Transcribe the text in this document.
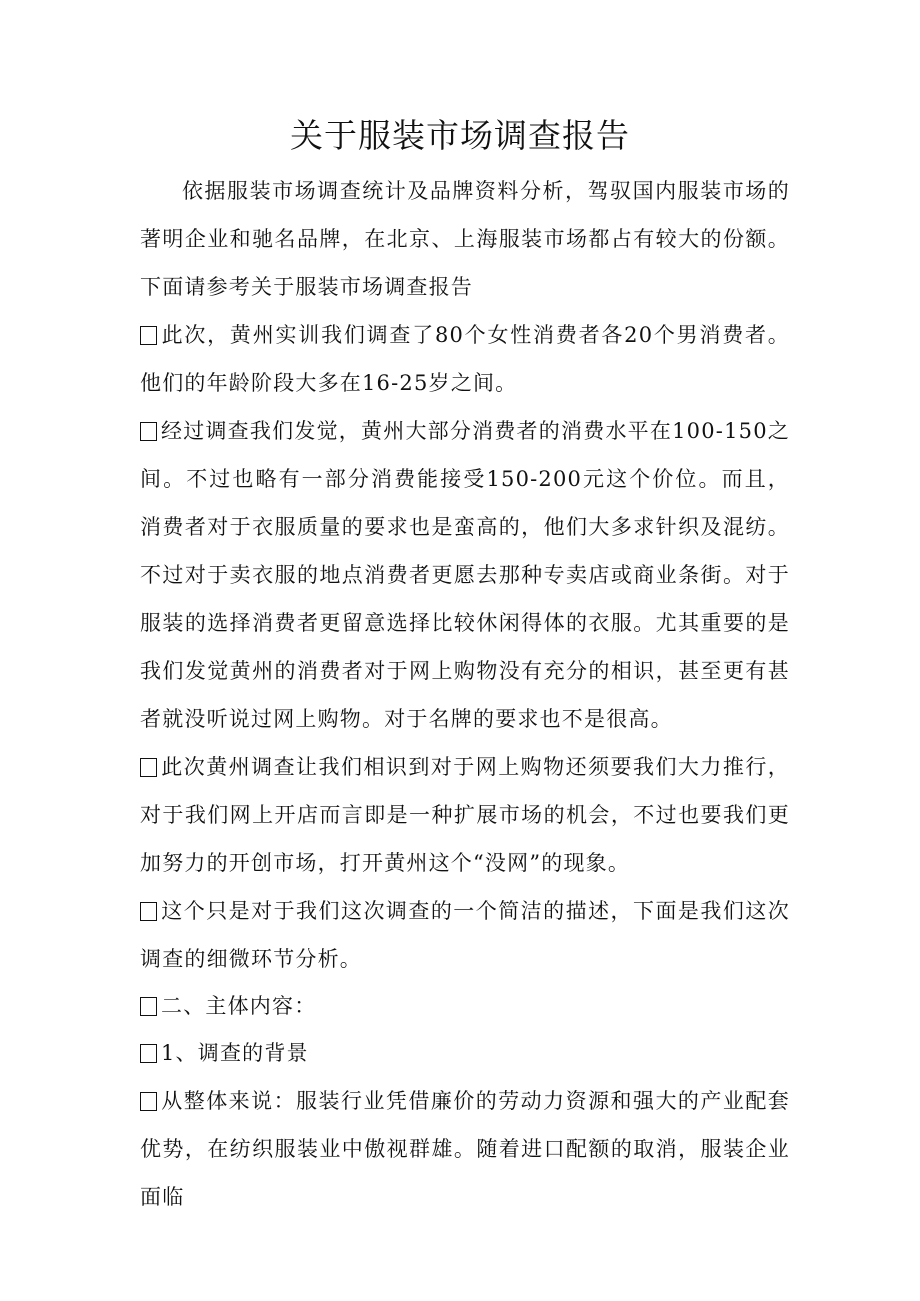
关于服装市场调查报告

依据服装市场调查统计及品牌资料分析，驾驭国内服装市场的著明企业和驰名品牌，在北京、上海服装市场都占有较大的份额。下面请参考关于服装市场调查报告

此次，黄州实训我们调查了80个女性消费者各20个男消费者。他们的年龄阶段大多在16-25岁之间。

经过调查我们发觉，黄州大部分消费者的消费水平在100-150之间。不过也略有一部分消费能接受150-200元这个价位。而且，消费者对于衣服质量的要求也是蛮高的，他们大多求针织及混纺。不过对于卖衣服的地点消费者更愿去那种专卖店或商业条街。对于服装的选择消费者更留意选择比较休闲得体的衣服。尤其重要的是我们发觉黄州的消费者对于网上购物没有充分的相识，甚至更有甚者就没听说过网上购物。对于名牌的要求也不是很高。

此次黄州调查让我们相识到对于网上购物还须要我们大力推行，对于我们网上开店而言即是一种扩展市场的机会，不过也要我们更加努力的开创市场，打开黄州这个“没网”的现象。

这个只是对于我们这次调查的一个简洁的描述，下面是我们这次调查的细微环节分析。

二、主体内容：

1、调查的背景

从整体来说：服装行业凭借廉价的劳动力资源和强大的产业配套优势，在纺织服装业中傲视群雄。随着进口配额的取消，服装企业面临
